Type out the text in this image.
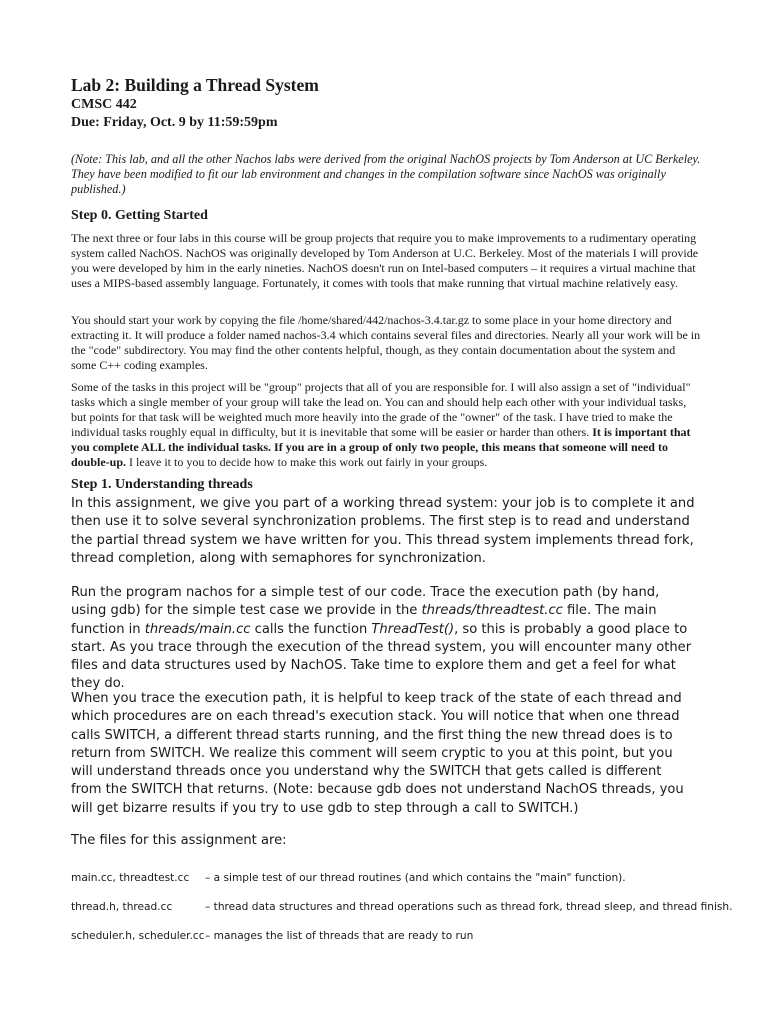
Lab 2: Building a Thread System
CMSC 442
Due: Friday, Oct. 9 by 11:59:59pm

(Note: This lab, and all the other Nachos labs were derived from the original NachOS projects by Tom Anderson at UC Berkeley. They have been modified to fit our lab environment and changes in the compilation software since NachOS was originally published.)

Step 0. Getting Started

The next three or four labs in this course will be group projects that require you to make improvements to a rudimentary operating system called NachOS. NachOS was originally developed by Tom Anderson at U.C. Berkeley. Most of the materials I will provide you were developed by him in the early nineties. NachOS doesn't run on Intel-based computers – it requires a virtual machine that uses a MIPS-based assembly language. Fortunately, it comes with tools that make running that virtual machine relatively easy.

You should start your work by copying the file /home/shared/442/nachos-3.4.tar.gz to some place in your home directory and extracting it. It will produce a folder named nachos-3.4 which contains several files and directories. Nearly all your work will be in the "code" subdirectory. You may find the other contents helpful, though, as they contain documentation about the system and some C++ coding examples.

Some of the tasks in this project will be "group" projects that all of you are responsible for. I will also assign a set of "individual" tasks which a single member of your group will take the lead on. You can and should help each other with your individual tasks, but points for that task will be weighted much more heavily into the grade of the "owner" of the task. I have tried to make the individual tasks roughly equal in difficulty, but it is inevitable that some will be easier or harder than others. It is important that you complete ALL the individual tasks. If you are in a group of only two people, this means that someone will need to double-up. I leave it to you to decide how to make this work out fairly in your groups.

Step 1. Understanding threads

In this assignment, we give you part of a working thread system: your job is to complete it and then use it to solve several synchronization problems. The first step is to read and understand the partial thread system we have written for you. This thread system implements thread fork, thread completion, along with semaphores for synchronization.

Run the program nachos for a simple test of our code. Trace the execution path (by hand, using gdb) for the simple test case we provide in the threads/threadtest.cc file. The main function in threads/main.cc calls the function ThreadTest(), so this is probably a good place to start. As you trace through the execution of the thread system, you will encounter many other files and data structures used by NachOS. Take time to explore them and get a feel for what they do.

When you trace the execution path, it is helpful to keep track of the state of each thread and which procedures are on each thread's execution stack. You will notice that when one thread calls SWITCH, a different thread starts running, and the first thing the new thread does is to return from SWITCH. We realize this comment will seem cryptic to you at this point, but you will understand threads once you understand why the SWITCH that gets called is different from the SWITCH that returns. (Note: because gdb does not understand NachOS threads, you will get bizarre results if you try to use gdb to step through a call to SWITCH.)

The files for this assignment are:

main.cc, threadtest.cc – a simple test of our thread routines (and which contains the "main" function).
thread.h, thread.cc	– thread data structures and thread operations such as thread fork, thread sleep, and thread finish.
scheduler.h, scheduler.cc – manages the list of threads that are ready to run
